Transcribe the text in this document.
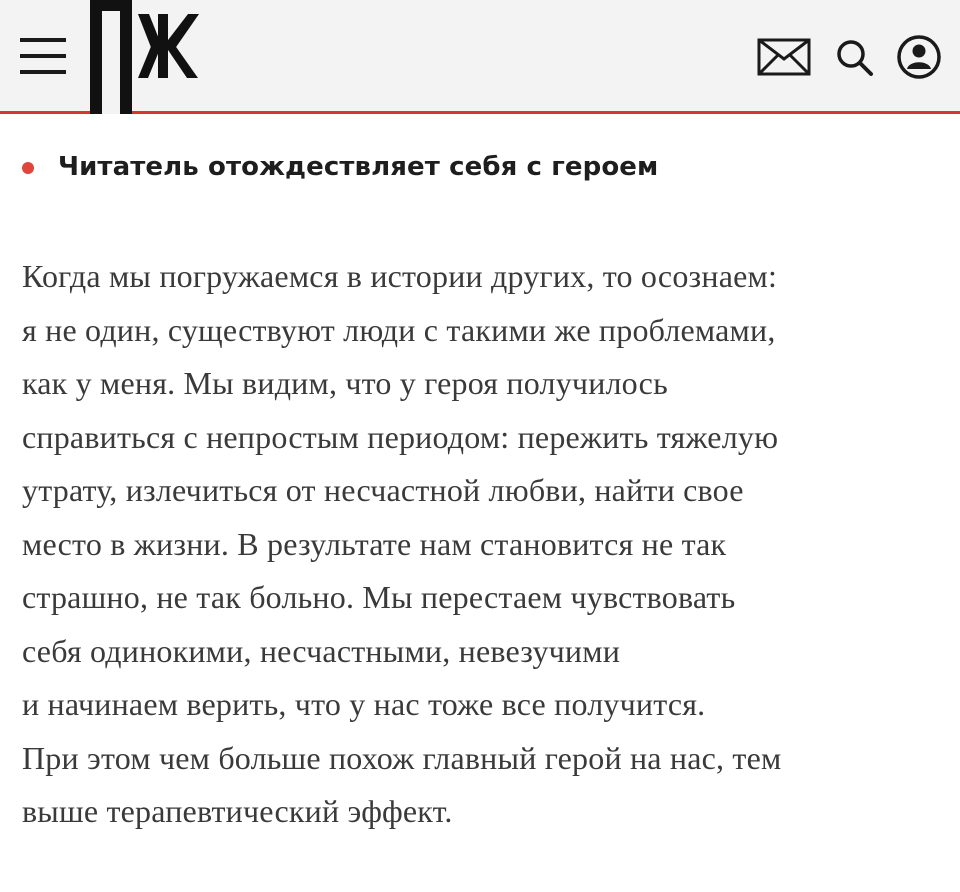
Читатель отождествляет себя с героем
Когда мы погружаемся в истории других, то осознаем:
я не один, существуют люди с такими же проблемами,
как у меня. Мы видим, что у героя получилось
справиться с непростым периодом: пережить тяжелую
утрату, излечиться от несчастной любви, найти свое
место в жизни. В результате нам становится не так
страшно, не так больно. Мы перестаем чувствовать
себя одинокими, несчастными, невезучими
и начинаем верить, что у нас тоже все получится.
При этом чем больше похож главный герой на нас, тем
выше терапевтический эффект.
